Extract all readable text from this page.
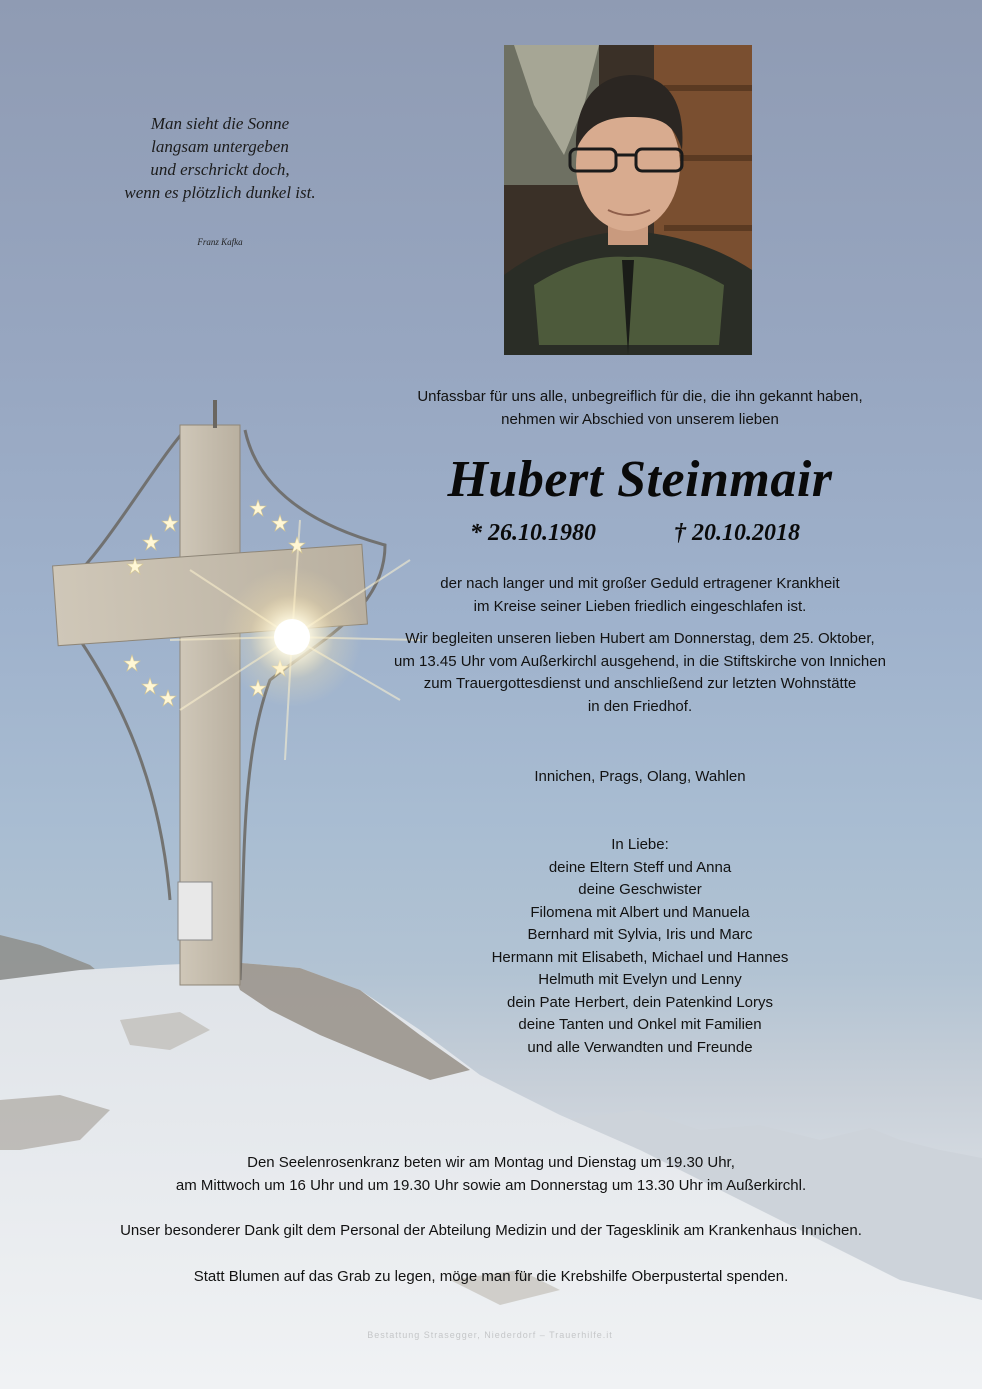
Man sieht die Sonne
langsam untergeben
und erschrickt doch,
wenn es plötzlich dunkel ist.
Franz Kafka
Unfassbar für uns alle, unbegreiflich für die, die ihn gekannt haben,
nehmen wir Abschied von unserem lieben
Hubert Steinmair
* 26.10.1980	† 20.10.2018
der nach langer und mit großer Geduld ertragener Krankheit
im Kreise seiner Lieben friedlich eingeschlafen ist.
Wir begleiten unseren lieben Hubert am Donnerstag, dem 25. Oktober,
um 13.45 Uhr vom Außerkirchl ausgehend, in die Stiftskirche von Innichen
zum Trauergottesdienst und anschließend zur letzten Wohnstätte
in den Friedhof.
Innichen, Prags, Olang, Wahlen
In Liebe:
deine Eltern Steff und Anna
deine Geschwister
Filomena mit Albert und Manuela
Bernhard mit Sylvia, Iris und Marc
Hermann mit Elisabeth, Michael und Hannes
Helmuth mit Evelyn und Lenny
dein Pate Herbert, dein Patenkind Lorys
deine Tanten und Onkel mit Familien
und alle Verwandten und Freunde
Den Seelenrosenkranz beten wir am Montag und Dienstag um 19.30 Uhr,
am Mittwoch um 16 Uhr und um 19.30 Uhr sowie am Donnerstag um 13.30 Uhr im Außerkirchl.
Unser besonderer Dank gilt dem Personal der Abteilung Medizin und der Tagesklinik am Krankenhaus Innichen.
Statt Blumen auf das Grab zu legen, möge man für die Krebshilfe Oberpustertal spenden.
Bestattung Strasegger, Niederdorf – Trauerhilfe.it
